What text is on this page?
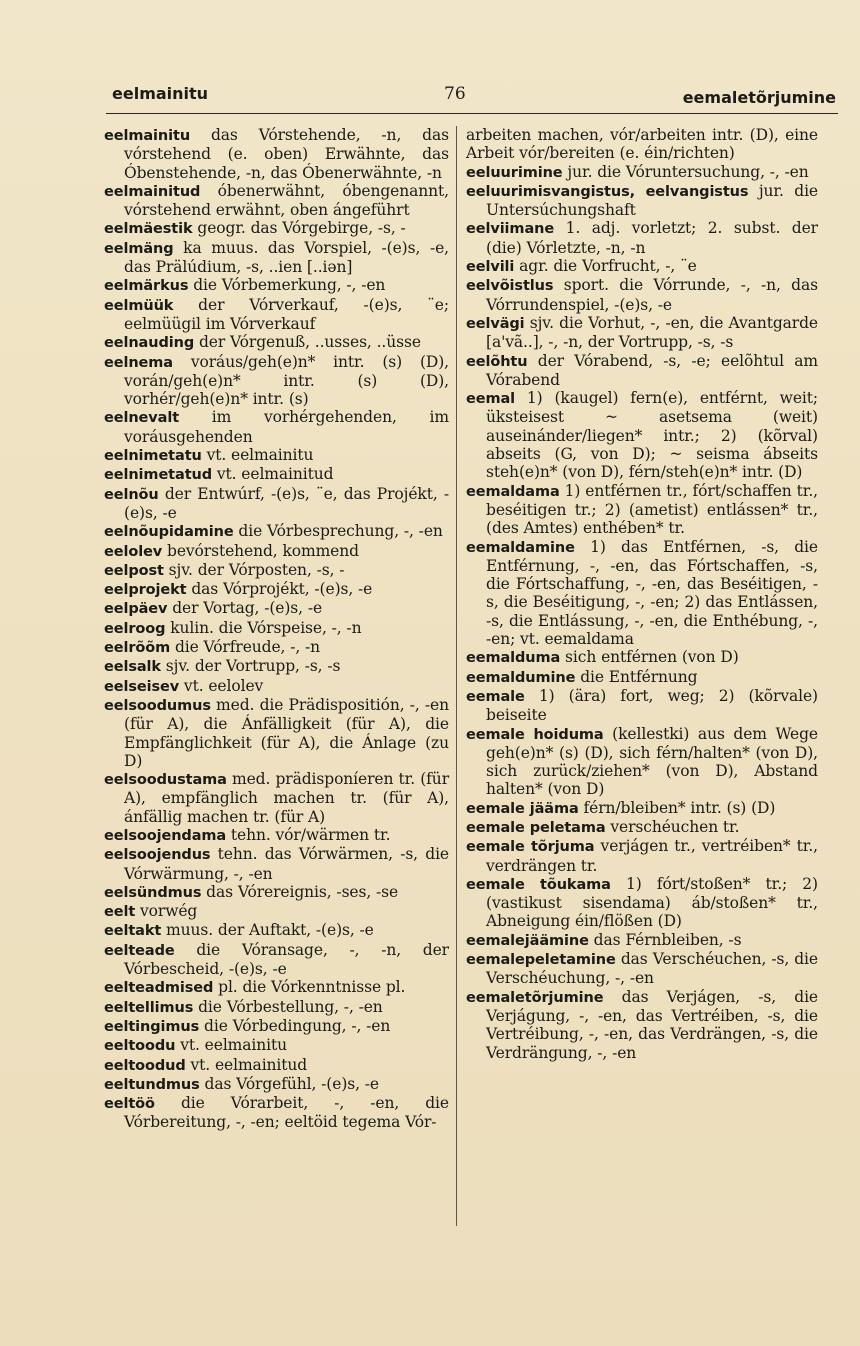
eelmainitu	76	eemaletõrjumine
eelmainitu das Vórstehende, -n, das vórstehend (e. oben) Erwähnte, das Óbenstehende, -n, das Óbenerwähnte, -n
eelmainitud óbenerwähnt, óbengenannt, vórstehend erwähnt, oben ángeführt
eelmäestik geogr. das Vórgebirge, -s, -
eelmäng ka muus. das Vorspiel, -(e)s, -e, das Prälúdium, -s, ..ien [..iən]
eelmärkus die Vórbemerkung, -, -en
eelmüük der Vórverkauf, -(e)s, ¨e; eelmüügil im Vórverkauf
eelnauding der Vórgenuß, ..usses, ..üsse
eelnema voráus/geh(e)n* intr. (s) (D), vorán/geh(e)n* intr. (s) (D), vorhér/geh(e)n* intr. (s)
eelnevalt im vorhérgehenden, im voráusgehenden
eelnimetatu vt. eelmainitu
eelnimetatud vt. eelmainitud
eelnõu der Entwúrf, -(e)s, ¨e, das Projékt, -(e)s, -e
eelnõupidamine die Vórbesprechung, -, -en
eelolev bevórstehend, kommend
eelpost sjv. der Vórposten, -s, -
eelprojekt das Vórprojékt, -(e)s, -e
eelpäev der Vortag, -(e)s, -e
eelroog kulin. die Vórspeise, -, -n
eelrõõm die Vórfreude, -, -n
eelsalk sjv. der Vortrupp, -s, -s
eelseisev vt. eelolev
eelsoodumus med. die Prädispositión, -, -en (für A), die Ánfälligkeit (für A), die Empfänglichkeit (für A), die Ánlage (zu D)
eelsoodustama med. prädisponíeren tr. (für A), empfänglich machen tr. (für A), ánfällig machen tr. (für A)
eelsoojendama tehn. vór/wärmen tr.
eelsoojendus tehn. das Vórwärmen, -s, die Vórwärmung, -, -en
eelsündmus das Vórereignis, -ses, -se
eelt vorwég
eeltakt muus. der Auftakt, -(e)s, -e
eelteade die Vóransage, -, -n, der Vórbescheid, -(e)s, -e
eelteadmised pl. die Vórkenntnisse pl.
eeltellimus die Vórbestellung, -, -en
eeltingimus die Vórbedingung, -, -en
eeltoodu vt. eelmainitu
eeltoodud vt. eelmainitud
eeltundmus das Vórgefühl, -(e)s, -e
eeltöö die Vórarbeit, -, -en, die Vórbereitung, -, -en; eeltöid tegema Vór-
arbeiten machen, vór/arbeiten intr. (D), eine Arbeit vór/bereiten (e. éin/richten)
eeluurimine jur. die Vóruntersuchung, -, -en
eeluurimisvangistus, eelvangistus jur. die Untersúchungshaft
eelviimane 1. adj. vorletzt; 2. subst. der (die) Vórletzte, -n, -n
eelvili agr. die Vorfrucht, -, ¨e
eelvõistlus sport. die Vórrunde, -, -n, das Vórrundenspiel, -(e)s, -e
eelvägi sjv. die Vorhut, -, -en, die Avantgarde [a'vã..], -, -n, der Vortrupp, -s, -s
eelõhtu der Vórabend, -s, -e; eelõhtul am Vórabend
eemal 1) (kaugel) fern(e), entférnt, weit; üksteisest ~ asetsema (weit) auseinánder/liegen* intr.; 2) (kõrval) abseits (G, von D); ~ seisma ábseits steh(e)n* (von D), férn/steh(e)n* intr. (D)
eemaldama 1) entférnen tr., fórt/schaffen tr., beséitigen tr.; 2) (ametist) entlássen* tr., (des Amtes) enthében* tr.
eemaldamine 1) das Entférnen, -s, die Entférnung, -, -en, das Fórtschaffen, -s, die Fórtschaffung, -, -en, das Beséitigen, -s, die Beséitigung, -, -en; 2) das Entlássen, -s, die Entlássung, -, -en, die Enthébung, -, -en; vt. eemaldama
eemalduma sich entférnen (von D)
eemaldumine die Entférnung
eemale 1) (ära) fort, weg; 2) (kõrvale) beiseite
eemale hoiduma (kellestki) aus dem Wege geh(e)n* (s) (D), sich férn/halten* (von D), sich zurück/ziehen* (von D), Abstand halten* (von D)
eemale jääma férn/bleiben* intr. (s) (D)
eemale peletama verschéuchen tr.
eemale tõrjuma verjágen tr., vertréiben* tr., verdrängen tr.
eemale tõukama 1) fórt/stoßen* tr.; 2) (vastikust sisendama) áb/stoßen* tr., Abneigung éin/flößen (D)
eemalejäämine das Férnbleiben, -s
eemalepeletamine das Verschéuchen, -s, die Verschéuchung, -, -en
eemaletõrjumine das Verjágen, -s, die Verjágung, -, -en, das Vertréiben, -s, die Vertréibung, -, -en, das Verdrängen, -s, die Verdrängung, -, -en
